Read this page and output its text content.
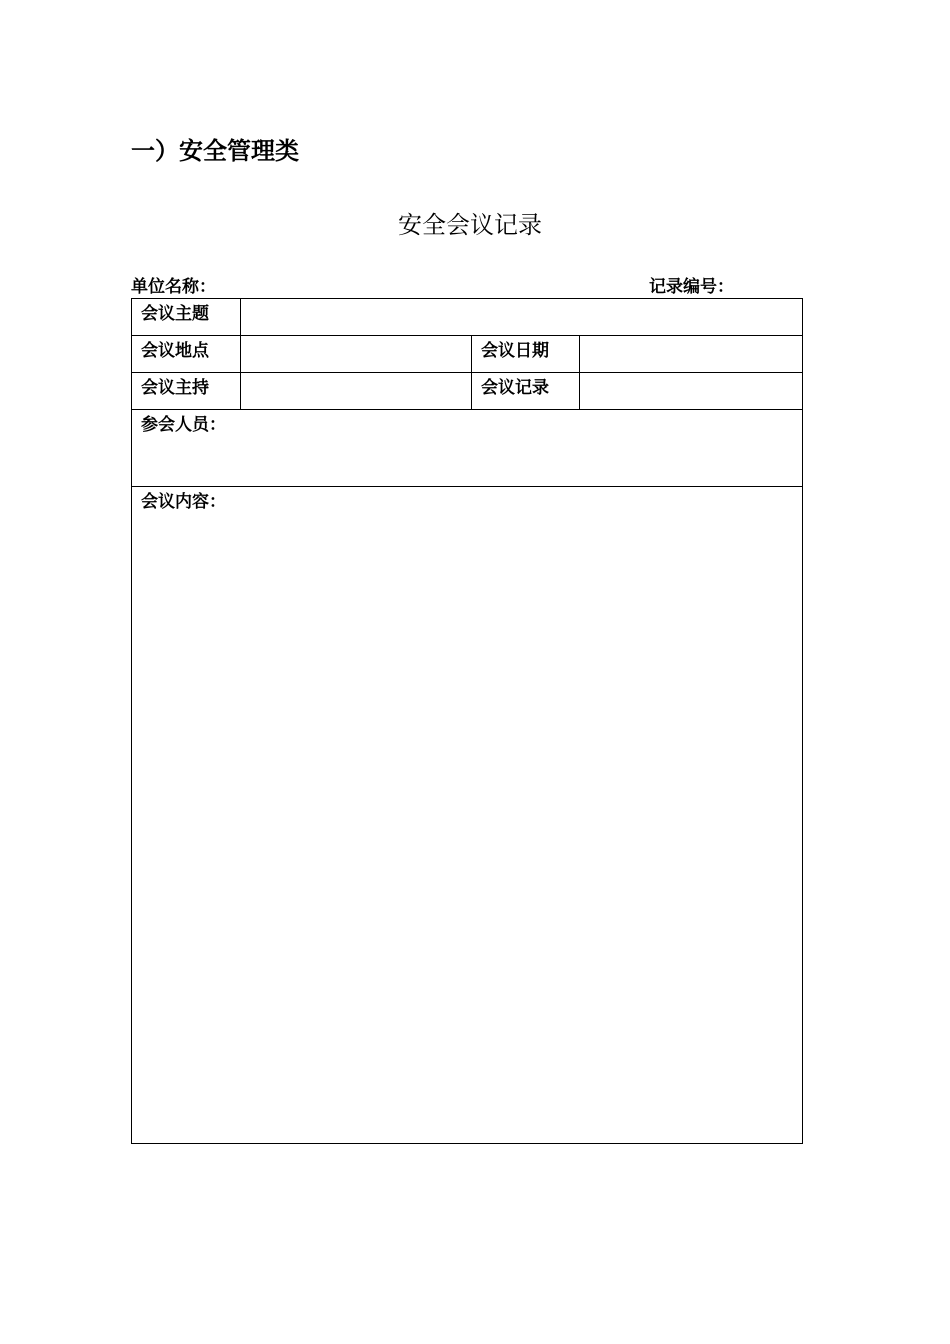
一）安全管理类
安全会议记录
单位名称：	记录编号：
会议主题			
会议地点		会议日期	
会议主持		会议记录	
参会人员：			
会议内容：			
